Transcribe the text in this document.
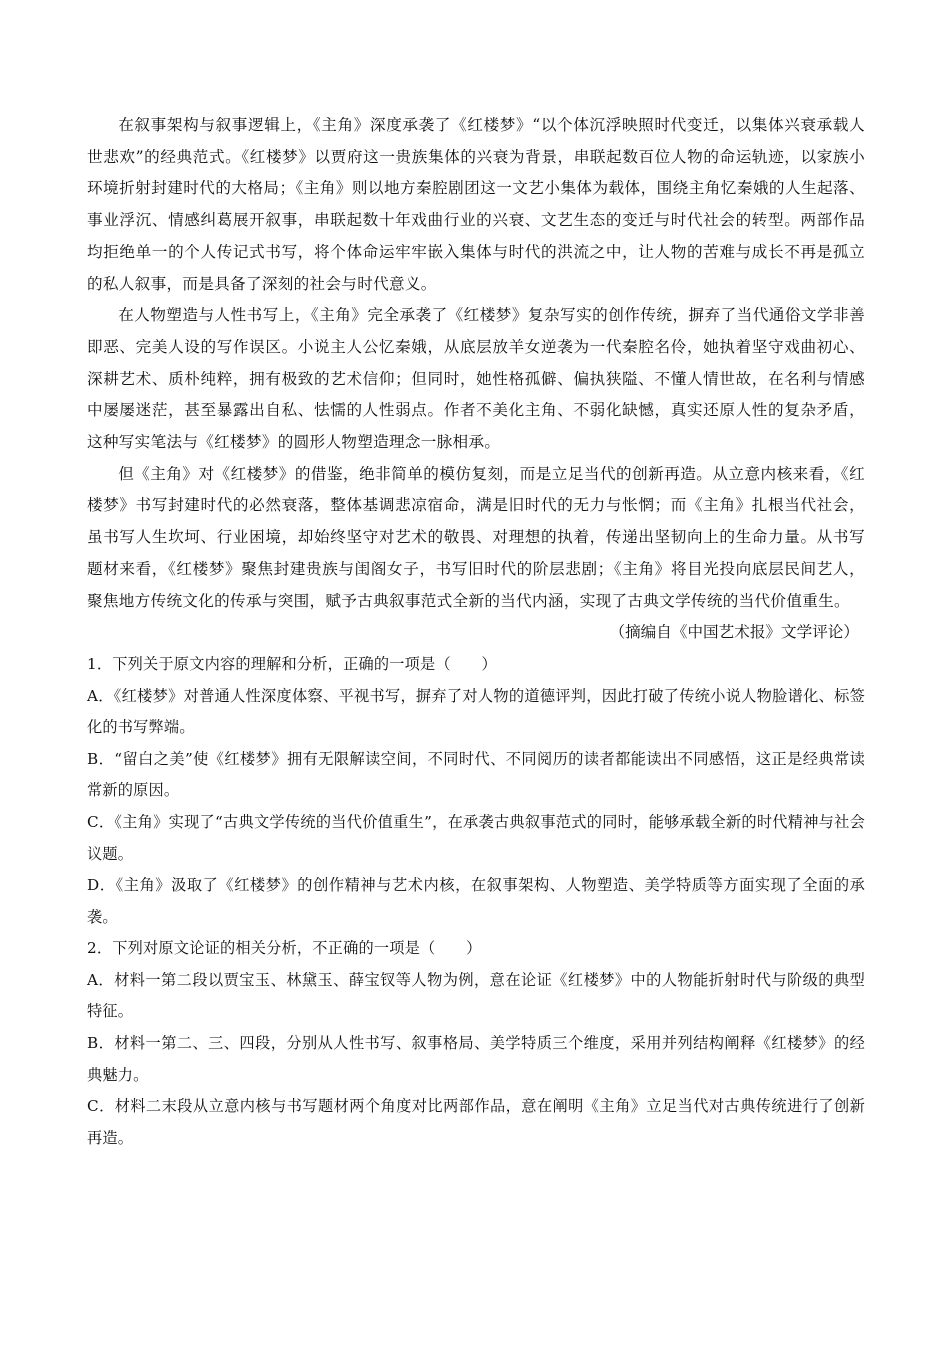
在叙事架构与叙事逻辑上，《主角》深度承袭了《红楼梦》“以个体沉浮映照时代变迁，以集体兴衰承载人世悲欢”的经典范式。《红楼梦》以贾府这一贵族集体的兴衰为背景，串联起数百位人物的命运轨迹，以家族小环境折射封建时代的大格局；《主角》则以地方秦腔剧团这一文艺小集体为载体，围绕主角忆秦娥的人生起落、事业浮沉、情感纠葛展开叙事，串联起数十年戏曲行业的兴衰、文艺生态的变迁与时代社会的转型。两部作品均拒绝单一的个人传记式书写，将个体命运牢牢嵌入集体与时代的洪流之中，让人物的苦难与成长不再是孤立的私人叙事，而是具备了深刻的社会与时代意义。

在人物塑造与人性书写上，《主角》完全承袭了《红楼梦》复杂写实的创作传统，摒弃了当代通俗文学非善即恶、完美人设的写作误区。小说主人公忆秦娥，从底层放羊女逆袭为一代秦腔名伶，她执着坚守戏曲初心、深耕艺术、质朴纯粹，拥有极致的艺术信仰；但同时，她性格孤僻、偏执狭隘、不懂人情世故，在名利与情感中屡屡迷茫，甚至暴露出自私、怯懦的人性弱点。作者不美化主角、不弱化缺憾，真实还原人性的复杂矛盾，这种写实笔法与《红楼梦》的圆形人物塑造理念一脉相承。

但《主角》对《红楼梦》的借鉴，绝非简单的模仿复刻，而是立足当代的创新再造。从立意内核来看，《红楼梦》书写封建时代的必然衰落，整体基调悲凉宿命，满是旧时代的无力与怅惘；而《主角》扎根当代社会，虽书写人生坎坷、行业困境，却始终坚守对艺术的敬畏、对理想的执着，传递出坚韧向上的生命力量。从书写题材来看，《红楼梦》聚焦封建贵族与闺阁女子，书写旧时代的阶层悲剧；《主角》将目光投向底层民间艺人，聚焦地方传统文化的传承与突围，赋予古典叙事范式全新的当代内涵，实现了古典文学传统的当代价值重生。

（摘编自《中国艺术报》文学评论）

1．下列关于原文内容的理解和分析，正确的一项是（　　）

A．《红楼梦》对普通人性深度体察、平视书写，摒弃了对人物的道德评判，因此打破了传统小说人物脸谱化、标签化的书写弊端。

B．“留白之美”使《红楼梦》拥有无限解读空间，不同时代、不同阅历的读者都能读出不同感悟，这正是经典常读常新的原因。

C．《主角》实现了“古典文学传统的当代价值重生”，在承袭古典叙事范式的同时，能够承载全新的时代精神与社会议题。

D．《主角》汲取了《红楼梦》的创作精神与艺术内核，在叙事架构、人物塑造、美学特质等方面实现了全面的承袭。

2．下列对原文论证的相关分析，不正确的一项是（　　）

A．材料一第二段以贾宝玉、林黛玉、薛宝钗等人物为例，意在论证《红楼梦》中的人物能折射时代与阶级的典型特征。

B．材料一第二、三、四段，分别从人性书写、叙事格局、美学特质三个维度，采用并列结构阐释《红楼梦》的经典魅力。

C．材料二末段从立意内核与书写题材两个角度对比两部作品，意在阐明《主角》立足当代对古典传统进行了创新再造。
